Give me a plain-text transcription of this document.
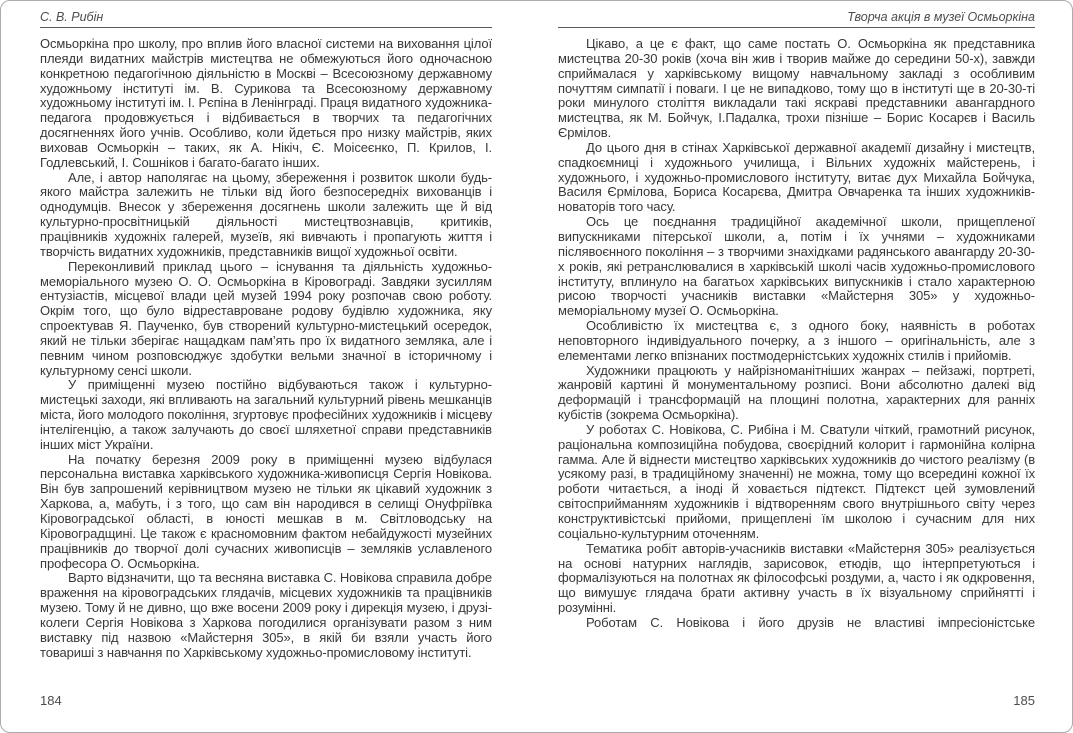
С. В. Рибін

Осмьоркіна про школу, про вплив його власної системи на виховання цілої плеяди видатних майстрів мистецтва не обмежуються його одночасною конкретною педагогічною діяльністю в Москві – Всесоюзному державному художньому інституті ім. В. Сурикова та Всесоюзному державному художньому інституті ім. І. Рєпіна в Ленінграді. Праця видатного художника-педагога продовжується і відбивається в творчих та педагогічних досягненнях його учнів. Особливо, коли йдеться про низку майстрів, яких виховав Осмьоркін – таких, як А. Нікіч, Є. Моісеєнко, П. Крилов, І. Годлевський, І. Сошніков і багато-багато інших.

Але, і автор наполягає на цьому, збереження і розвиток школи будь-якого майстра залежить не тільки від його безпосередніх вихованців і однодумців. Внесок у збереження досягнень школи залежить ще й від культурно-просвітницькій діяльності мистецтвознавців, критиків, працівників художніх галерей, музеїв, які вивчають і пропагують життя і творчість видатних художників, представників вищої художньої освіти.

Переконливий приклад цього – існування та діяльність художньо-меморіального музею О. О. Осмьоркіна в Кіровограді. Завдяки зусиллям ентузіастів, місцевої влади цей музей 1994 року розпочав свою роботу. Окрім того, що було відреставроване родову будівлю художника, яку спроектував Я. Паученко, був створений культурно-мистецький осередок, який не тільки зберігає нащадкам пам’ять про їх видатного земляка, але і певним чином розповсюджує здобутки вельми значної в історичному і культурному сенсі школи.

У приміщенні музею постійно відбуваються також і культурно-мистецькі заходи, які впливають на загальний культурний рівень мешканців міста, його молодого покоління, згуртовує професійних художників і місцеву інтелігенцію, а також залучають до своєї шляхетної справи представників інших міст України.

На початку березня 2009 року в приміщенні музею відбулася персональна виставка харківського художника-живописця Сергія Новікова. Він був запрошений керівництвом музею не тільки як цікавий художник з Харкова, а, мабуть, і з того, що сам він народився в селищі Онуфріївка Кіровоградської області, в юності мешкав в м. Світловодську на Кіровоградщині. Це також є красномовним фактом небайдужості музейних працівників до творчої долі сучасних живописців – земляків уславленого професора О. Осмьоркіна.

Варто відзначити, що та весняна виставка С. Новікова справила добре враження на кіровоградських глядачів, місцевих художників та працівників музею. Тому й не дивно, що вже восени 2009 року і дирекція музею, і друзі-колеги Сергія Новікова з Харкова погодилися організувати разом з ним виставку під назвою «Майстерня 305», в якій би взяли участь його товариші з навчання по Харківському художньо-промисловому інституті.

184
Творча акція в музеї Осмьоркіна

Цікаво, а це є факт, що саме постать О. Осмьоркіна як представника мистецтва 20-30 років (хоча він жив і творив майже до середини 50-х), завжди сприймалася у харківському вищому навчальному закладі з особливим почуттям симпатії і поваги. І це не випадково, тому що в інституті ще в 20-30-ті роки минулого століття викладали такі яскраві представники авангардного мистецтва, як М. Бойчук, І.Падалка, трохи пізніше – Борис Косарєв і Василь Єрмілов.

До цього дня в стінах Харківської державної академії дизайну і мистецтв, спадкоємниці і художнього училища, і Вільних художніх майстерень, і художнього, і художньо-промислового інституту, витає дух Михайла Бойчука, Василя Єрмілова, Бориса Косарєва, Дмитра Овчаренка та інших художників-новаторів того часу.

Ось це поєднання традиційної академічної школи, прищепленої випускниками пітерської школи, а, потім і їх учнями – художниками післявоєнного покоління – з творчими знахідками радянського авангарду 20-30-х років, які ретранслювалися в харківській школі часів художньо-промислового інституту, вплинуло на багатьох харківських випускників і стало характерною рисою творчості учасників виставки «Майстерня 305» у художньо-меморіальному музеї О. Осмьоркіна.

Особливістю їх мистецтва є, з одного боку, наявність в роботах неповторного індивідуального почерку, а з іншого – оригінальність, але з елементами легко впізнаних постмодерністських художніх стилів і прийомів.

Художники працюють у найрізноманітніших жанрах – пейзажі, портреті, жанровій картині й монументальному розписі. Вони абсолютно далекі від деформацій і трансформацій на площині полотна, характерних для ранніх кубістів (зокрема Осмьоркіна).

У роботах С. Новікова, С. Рибіна і М. Сватули чіткий, грамотний рисунок, раціональна композиційна побудова, своєрідний колорит і гармонійна колірна гамма. Але й віднести мистецтво харківських художників до чистого реалізму (в усякому разі, в традиційному значенні) не можна, тому що всередині кожної їх роботи читається, а іноді й ховається підтекст. Підтекст цей зумовлений світосприйманням художників і відтворенням свого внутрішнього світу через конструктивістські прийоми, прищеплені їм школою і сучасним для них соціально-культурним оточенням.

Тематика робіт авторів-учасників виставки «Майстерня 305» реалізується на основі натурних наглядів, зарисовок, етюдів, що інтерпретуються і формалізуються на полотнах як філософські роздуми, а, часто і як одкровення, що вимушує глядача брати активну участь в їх візуальному сприйнятті і розумінні.

Роботам С. Новікова і його друзів не властиві імпресіоністське

185
